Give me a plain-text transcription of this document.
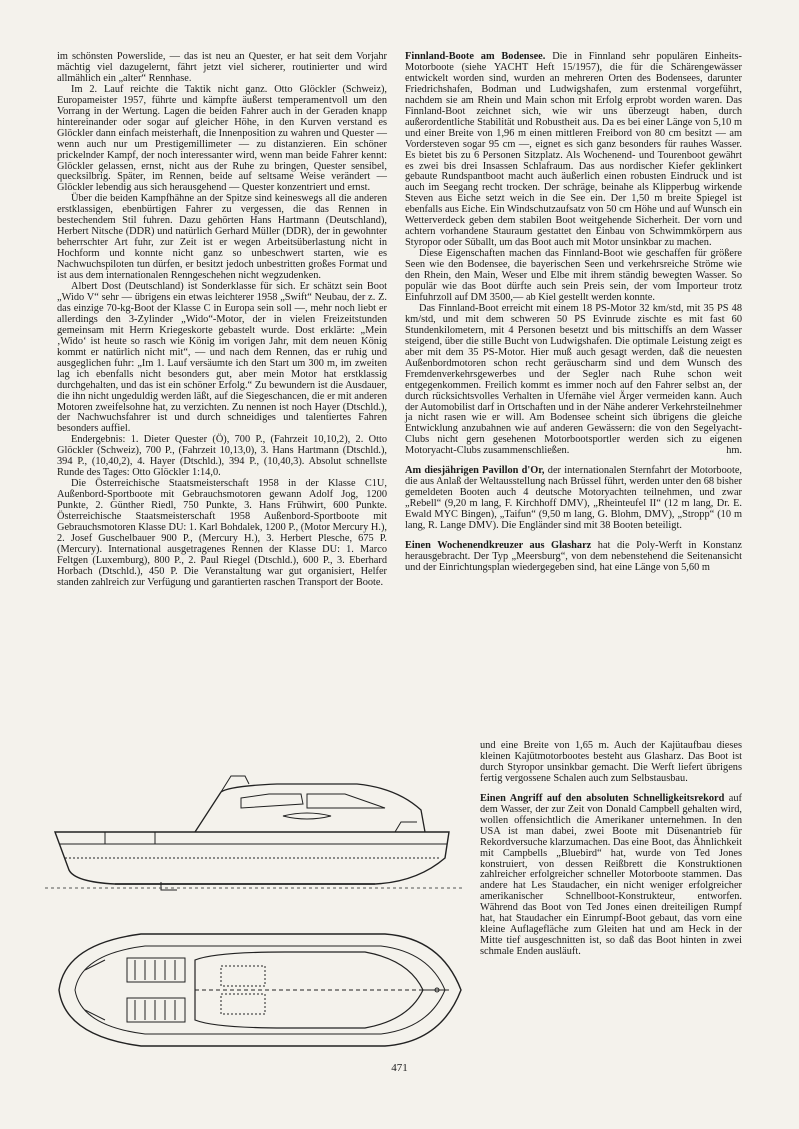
im schönsten Powerslide, — das ist neu an Quester, er hat seit dem Vorjahr mächtig viel dazugelernt, fährt jetzt viel sicherer, routinierter und wird allmählich ein „alter“ Rennhase.

Im 2. Lauf reichte die Taktik nicht ganz. Otto Glöckler (Schweiz), Europameister 1957, führte und kämpfte äußerst temperamentvoll um den Vorrang in der Wertung. Lagen die beiden Fahrer auch in der Geraden knapp hintereinander oder sogar auf gleicher Höhe, in den Kurven verstand es Glöckler dann einfach meisterhaft, die Innenposition zu wahren und Quester — wenn auch nur um Prestigemillimeter — zu distanzieren. Ein schöner prickelnder Kampf, der noch interessanter wird, wenn man beide Fahrer kennt: Glöckler gelassen, ernst, nicht aus der Ruhe zu bringen, Quester sensibel, quecksilbrig. Später, im Rennen, beide auf seltsame Weise verändert — Glöckler lebendig aus sich herausgehend — Quester konzentriert und ernst.

Über die beiden Kampfhähne an der Spitze sind keineswegs all die anderen erstklassigen, ebenbürtigen Fahrer zu vergessen, die das Rennen in bestechendem Stil fuhren. Dazu gehörten Hans Hartmann (Deutschland), Herbert Nitsche (DDR) und natürlich Gerhard Müller (DDR), der in gewohnter beherrschter Art fuhr, zur Zeit ist er wegen Arbeitsüberlastung nicht in Hochform und konnte nicht ganz so unbeschwert starten, wie es Nachwuchspiloten tun dürfen, er besitzt jedoch unbestritten großes Format und ist aus dem internationalen Renngeschehen nicht wegzudenken.

Albert Dost (Deutschland) ist Sonderklasse für sich. Er schätzt sein Boot „Wido V“ sehr — übrigens ein etwas leichterer 1958 „Swift“ Neubau, der z. Z. das einzige 70-kg-Boot der Klasse C in Europa sein soll —, mehr noch liebt er allerdings den 3-Zylinder „Wido“-Motor, der in vielen Freizeitstunden gemeinsam mit Herrn Kriegeskorte gebastelt wurde. Dost erklärte: „Mein ‚Wido‘ ist heute so rasch wie König im vorigen Jahr, mit dem neuen König kommt er natürlich nicht mit“, — und nach dem Rennen, das er ruhig und ausgeglichen fuhr: „Im 1. Lauf versäumte ich den Start um 300 m, im zweiten lag ich ebenfalls nicht besonders gut, aber mein Motor hat erstklassig durchgehalten, und das ist ein schöner Erfolg.“ Zu bewundern ist die Ausdauer, die ihn nicht ungeduldig werden läßt, auf die Siegeschancen, die er mit anderen Motoren zweifelsohne hat, zu verzichten. Zu nennen ist noch Hayer (Dtschld.), der Nachwuchsfahrer ist und durch schneidiges und talentiertes Fahren besonders auffiel.

Endergebnis: 1. Dieter Quester (Ö), 700 P., (Fahrzeit 10,10,2), 2. Otto Glöckler (Schweiz), 700 P., (Fahrzeit 10,13,0), 3. Hans Hartmann (Dtschld.), 394 P., (10,40,2), 4. Hayer (Dtschld.), 394 P., (10,40,3). Absolut schnellste Runde des Tages: Otto Glöckler 1:14,0.

Die Österreichische Staatsmeisterschaft 1958 in der Klasse C1U, Außenbord-Sportboote mit Gebrauchsmotoren gewann Adolf Jog, 1200 Punkte, 2. Günther Riedl, 750 Punkte, 3. Hans Frühwirt, 600 Punkte. Österreichische Staatsmeisterschaft 1958 Außenbord-Sportboote mit Gebrauchsmotoren Klasse DU: 1. Karl Bohdalek, 1200 P., (Motor Mercury H.), 2. Josef Guschelbauer 900 P., (Mercury H.), 3. Herbert Plesche, 675 P. (Mercury). International ausgetragenes Rennen der Klasse DU: 1. Marco Feltgen (Luxemburg), 800 P., 2. Paul Riegel (Dtschld.), 600 P., 3. Eberhard Horbach (Dtschld.), 450 P. Die Veranstaltung war gut organisiert, Helfer standen zahlreich zur Verfügung und garantierten raschen Transport der Boote.

Finnland-Boote am Bodensee. Die in Finnland sehr populären Einheits-Motorboote (siehe YACHT Heft 15/1957), die für die Schärengewässer entwickelt worden sind, wurden an mehreren Orten des Bodensees, darunter Friedrichshafen, Bodman und Ludwigshafen, zum erstenmal vorgeführt, nachdem sie am Rhein und Main schon mit Erfolg erprobt worden waren. Das Finnland-Boot zeichnet sich, wie wir uns überzeugt haben, durch außerordentliche Stabilität und Robustheit aus. Da es bei einer Länge von 5,10 m und einer Breite von 1,96 m einen mittleren Freibord von 80 cm besitzt — am Vordersteven sogar 95 cm —, eignet es sich ganz besonders für rauhes Wasser. Es bietet bis zu 6 Personen Sitzplatz. Als Wochenend- und Tourenboot gewährt es zwei bis drei Insassen Schlafraum. Das aus nordischer Kiefer geklinkert gebaute Rundspantboot macht auch äußerlich einen robusten Eindruck und ist auch im Seegang recht trocken. Der schräge, beinahe als Klipperbug wirkende Steven aus Eiche setzt weich in die See ein. Der 1,50 m breite Spiegel ist ebenfalls aus Eiche. Ein Windschutzaufsatz von 50 cm Höhe und auf Wunsch ein Wetterverdeck geben dem stabilen Boot weitgehende Sicherheit. Der vorn und achtern vorhandene Stauraum gestattet den Einbau von Schwimmkörpern aus Styropor oder Süballt, um das Boot auch mit Motor unsinkbar zu machen.

Diese Eigenschaften machen das Finnland-Boot wie geschaffen für größere Seen wie den Bodensee, die bayerischen Seen und verkehrsreiche Ströme wie den Rhein, den Main, Weser und Elbe mit ihrem ständig bewegten Wasser. So populär wie das Boot dürfte auch sein Preis sein, der vom Importeur trotz Einfuhrzoll auf DM 3500,— ab Kiel gestellt werden konnte.

Das Finnland-Boot erreicht mit einem 18 PS-Motor 32 km/std, mit 35 PS 48 km/std, und mit dem schweren 50 PS Evinrude zischte es mit fast 60 Stundenkilometern, mit 4 Personen besetzt und bis mittschiffs an dem Wasser steigend, über die stille Bucht von Ludwigshafen. Die optimale Leistung zeigt es aber mit dem 35 PS-Motor. Hier muß auch gesagt werden, daß die neuesten Außenbordmotoren schon recht geräuscharm sind und dem Wunsch des Fremdenverkehrsgewerbes und der Segler nach Ruhe schon weit entgegenkommen. Freilich kommt es immer noch auf den Fahrer selbst an, der durch rücksichtsvolles Verhalten in Ufernähe viel Ärger vermeiden kann. Auch der Automobilist darf in Ortschaften und in der Nähe anderer Verkehrsteilnehmer ja nicht rasen wie er will. Am Bodensee scheint sich übrigens die gleiche Entwicklung anzubahnen wie auf anderen Gewässern: die von den Segelyacht-Clubs nicht gern gesehenen Motorbootsportler werden sich zu eigenen Motoryacht-Clubs zusammenschließen.	hm.

Am diesjährigen Pavillon d'Or, der internationalen Sternfahrt der Motorboote, die aus Anlaß der Weltausstellung nach Brüssel führt, werden unter den 68 bisher gemeldeten Booten auch 4 deutsche Motoryachten teilnehmen, und zwar „Rebell“ (9,20 m lang, F. Kirchhoff DMV), „Rheinteufel II“ (12 m lang, Dr. E. Ewald MYC Bingen), „Taifun“ (9,50 m lang, G. Blohm, DMV), „Stropp“ (10 m lang, R. Lange DMV). Die Engländer sind mit 38 Booten beteiligt.

Einen Wochenendkreuzer aus Glasharz hat die Poly-Werft in Konstanz herausgebracht. Der Typ „Meersburg“, von dem nebenstehend die Seitenansicht und der Einrichtungsplan wiedergegeben sind, hat eine Länge von 5,60 m

und eine Breite von 1,65 m. Auch der Kajütaufbau dieses kleinen Kajütmotorbootes besteht aus Glasharz. Das Boot ist durch Styropor unsinkbar gemacht. Die Werft liefert übrigens fertig vergossene Schalen auch zum Selbstausbau.

Einen Angriff auf den absoluten Schnelligkeitsrekord auf dem Wasser, der zur Zeit von Donald Campbell gehalten wird, wollen offensichtlich die Amerikaner unternehmen. In den USA ist man dabei, zwei Boote mit Düsenantrieb für Rekordversuche klarzumachen. Das eine Boot, das Ähnlichkeit mit Campbells „Bluebird“ hat, wurde von Ted Jones konstruiert, von dessen Reißbrett die Konstruktionen zahlreicher erfolgreicher schneller Motorboote stammen. Das andere hat Les Staudacher, ein nicht weniger erfolgreicher amerikanischer Schnellboot-Konstrukteur, entworfen. Während das Boot von Ted Jones einen dreiteiligen Rumpf hat, hat Staudacher ein Einrumpf-Boot gebaut, das vorn eine kleine Auflagefläche zum Gleiten hat und am Heck in der Mitte tief ausgeschnitten ist, so daß das Boot hinten in zwei schmale Enden ausläuft.

471
